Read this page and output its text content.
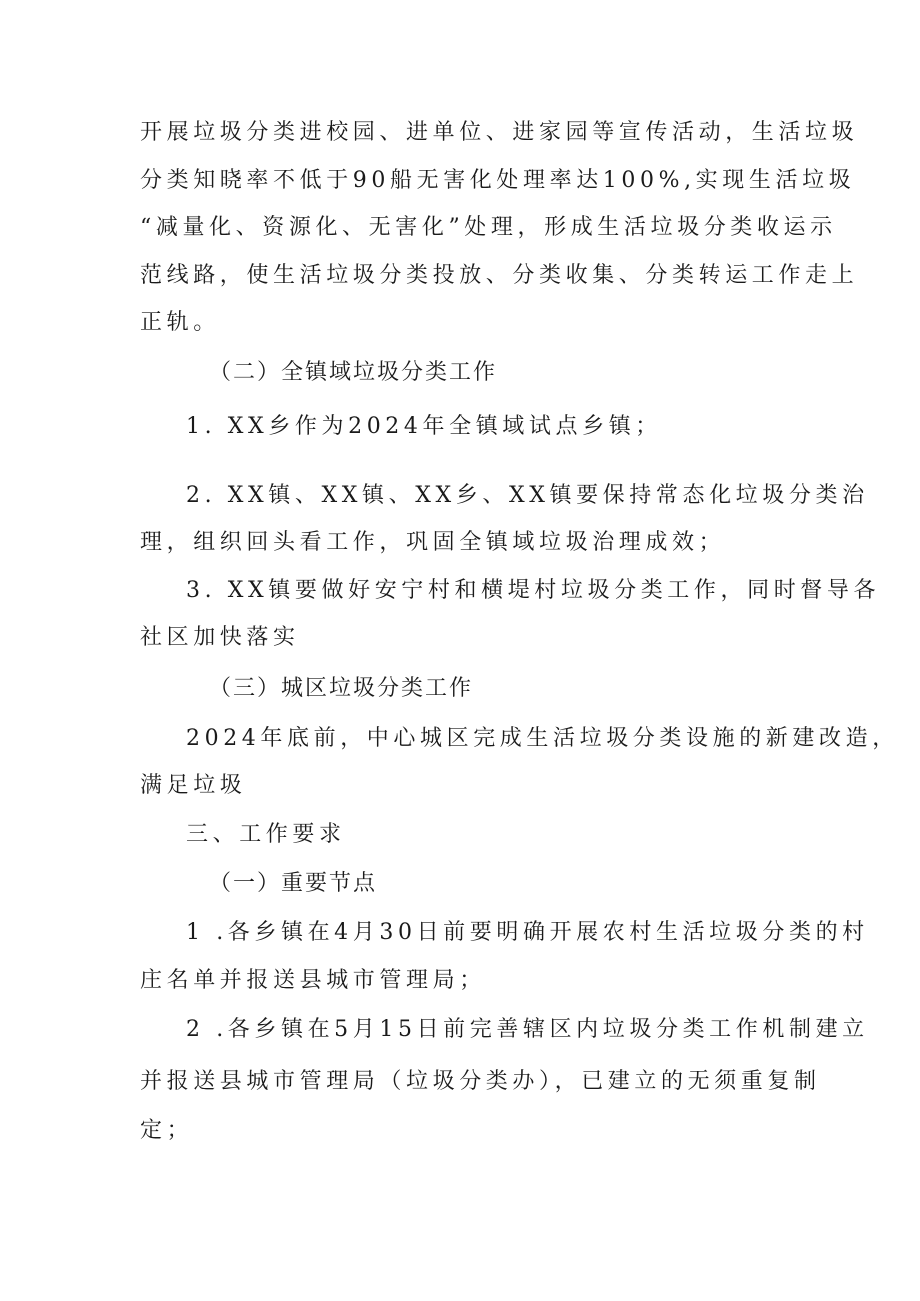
开展垃圾分类进校园、进单位、进家园等宣传活动，生活垃圾
分类知晓率不低于90船无害化处理率达100%,实现生活垃圾
“减量化、资源化、无害化”处理，形成生活垃圾分类收运示
范线路，使生活垃圾分类投放、分类收集、分类转运工作走上
正轨。
（二）全镇域垃圾分类工作
1. XX乡作为2024年全镇域试点乡镇；
2. XX镇、XX镇、XX乡、XX镇要保持常态化垃圾分类治
理，组织回头看工作，巩固全镇域垃圾治理成效；
3. XX镇要做好安宁村和横堤村垃圾分类工作，同时督导各
社区加快落实
（三）城区垃圾分类工作
2024年底前，中心城区完成生活垃圾分类设施的新建改造，
满足垃圾
三、工作要求
（一）重要节点
1 .各乡镇在4月30日前要明确开展农村生活垃圾分类的村
庄名单并报送县城市管理局；
2 .各乡镇在5月15日前完善辖区内垃圾分类工作机制建立
并报送县城市管理局（垃圾分类办），已建立的无须重复制
定；
